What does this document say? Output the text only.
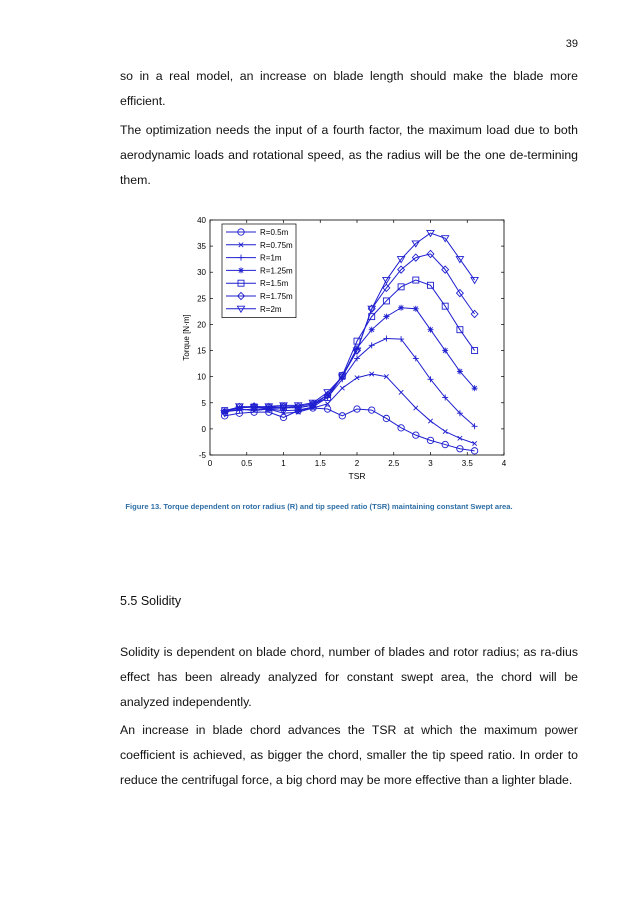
39

so in a real model, an increase on blade length should make the blade more efficient.

The optimization needs the input of a fourth factor, the maximum load due to both aerodynamic loads and rotational speed, as the radius will be the one de-termining them.

0	0.5	1	1.5	2	2.5	3	3.5	4
-5
0
5
10
15
20
25
30
35
40
TSR
Torque [N·m]
R=0.5m
R=0.75m
R=1m
R=1.25m
R=1.5m
R=1.75m
R=2m
Figure 13. Torque dependent on rotor radius (R) and tip speed ratio (TSR) maintaining constant Swept area.
5.5 Solidity

Solidity is dependent on blade chord, number of blades and rotor radius; as ra-dius effect has been already analyzed for constant swept area, the chord will be analyzed independently.

An increase in blade chord advances the TSR at which the maximum power coefficient is achieved, as bigger the chord, smaller the tip speed ratio. In order to reduce the centrifugal force, a big chord may be more effective than a lighter blade.
